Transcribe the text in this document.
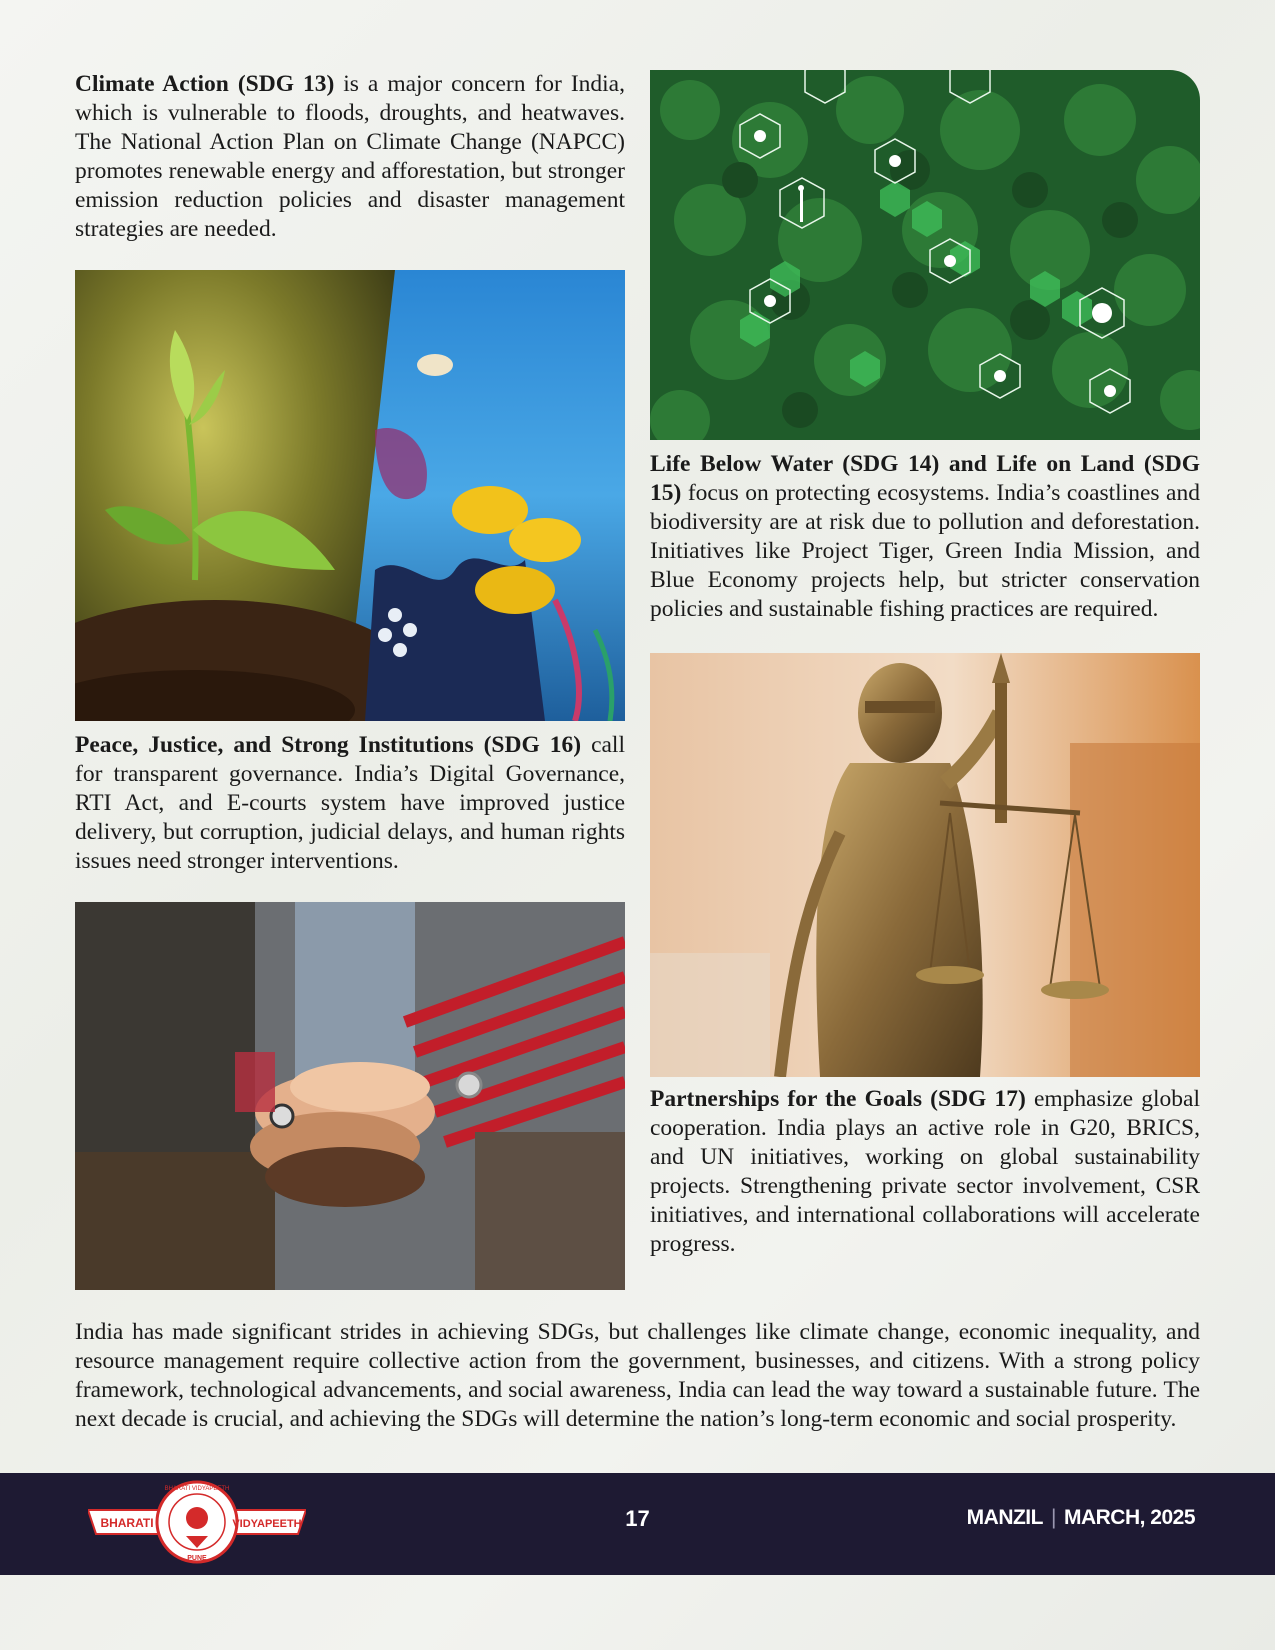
Climate Action (SDG 13) is a major concern for India, which is vulnerable to floods, droughts, and heatwaves. The National Action Plan on Climate Change (NAPCC) promotes renewable energy and afforestation, but stronger emission reduction policies and disaster management strategies are needed.

Peace, Justice, and Strong Institutions (SDG 16) call for transparent governance. India’s Digital Governance, RTI Act, and E-courts system have improved justice delivery, but corruption, judicial delays, and human rights issues need stronger interventions.

Life Below Water (SDG 14) and Life on Land (SDG 15) focus on protecting ecosystems. India’s coastlines and biodiversity are at risk due to pollution and deforestation. Initiatives like Project Tiger, Green India Mission, and Blue Economy projects help, but stricter conservation policies and sustainable fishing practices are required.

Partnerships for the Goals (SDG 17) emphasize global cooperation. India plays an active role in G20, BRICS, and UN initiatives, working on global sustainability projects. Strengthening private sector involvement, CSR initiatives, and international collaborations will accelerate progress.

India has made significant strides in achieving SDGs, but challenges like climate change, economic inequality, and resource management require collective action from the government, businesses, and citizens. With a strong policy framework, technological advancements, and social awareness, India can lead the way toward a sustainable future. The next decade is crucial, and achieving the SDGs will determine the nation’s long-term economic and social prosperity.

BHARATI	VIDYAPEETH
BHARATI VIDYAPEETH
PUNE
17	MANZIL | MARCH, 2025
